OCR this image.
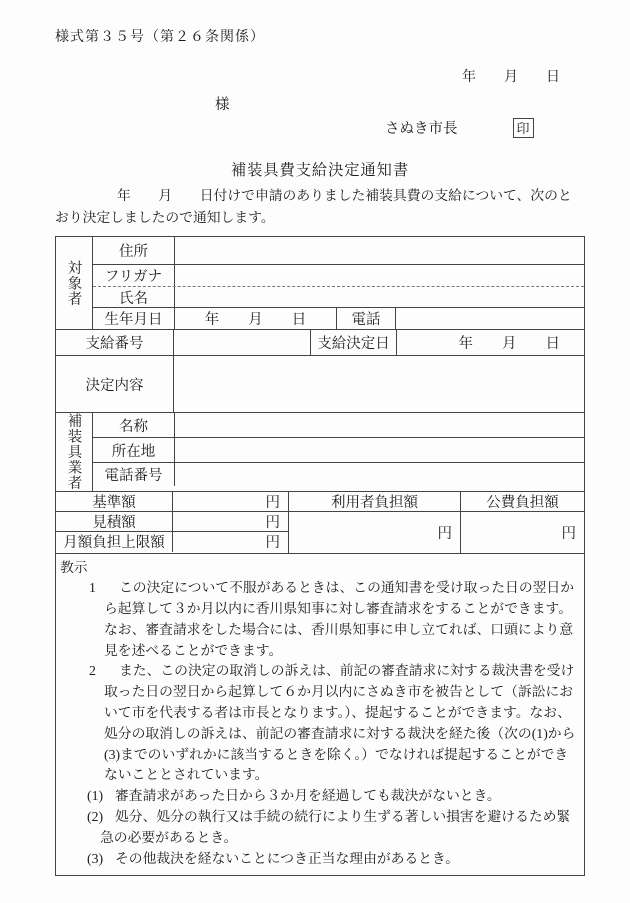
様式第３５号（第２６条関係）
年　　月　　日
様
さぬき市長	印
補装具費支給決定通知書
年　　月　　日付けで申請のありました補装具費の支給について、次のとおり決定しましたので通知します。
対象者
住所
フリガナ
氏名
生年月日	年　　月　　日	電話
支給番号	支給決定日	年　　月　　日
決定内容
補装具業者	名称
所在地
電話番号
基準額	円
見積額	円
月額負担上限額	円
利用者負担額	公費負担額
円	円
教示
1 この決定について不服があるときは、この通知書を受け取った日の翌日から起算して３か月以内に香川県知事に対し審査請求をすることができます。なお、審査請求をした場合には、香川県知事に申し立てれば、口頭により意見を述べることができます。
2 また、この決定の取消しの訴えは、前記の審査請求に対する裁決書を受け取った日の翌日から起算して６か月以内にさぬき市を被告として（訴訟において市を代表する者は市長となります。）、提起することができます。なお、処分の取消しの訴えは、前記の審査請求に対する裁決を経た後（次の(1)から(3)までのいずれかに該当するときを除く。）でなければ提起することができないこととされています。
(1) 審査請求があった日から３か月を経過しても裁決がないとき。
(2) 処分、処分の執行又は手続の続行により生ずる著しい損害を避けるため緊急の必要があるとき。
(3) その他裁決を経ないことにつき正当な理由があるとき。
